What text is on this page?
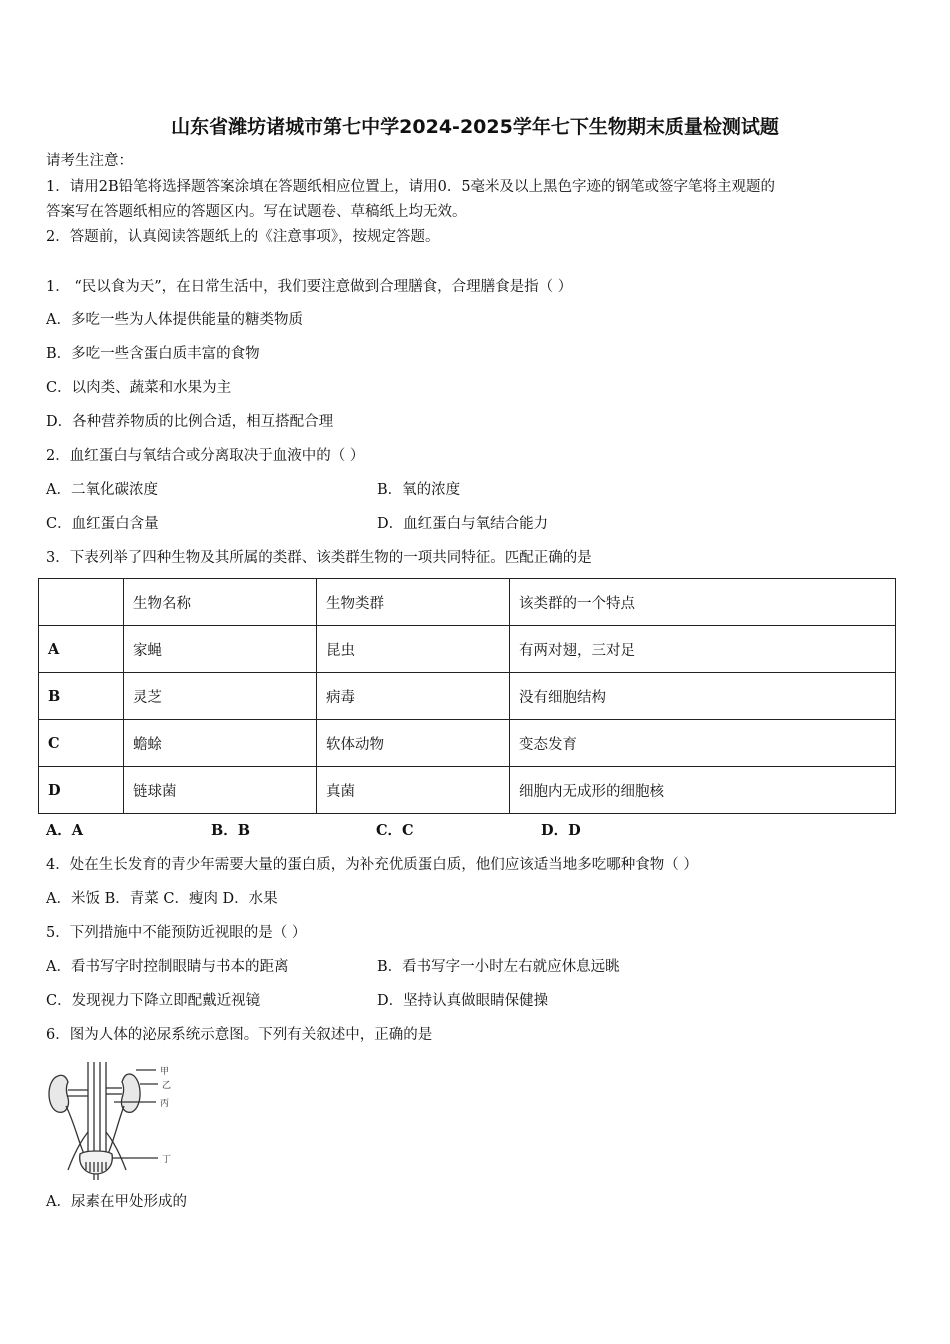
山东省潍坊诸城市第七中学2024-2025学年七下生物期末质量检测试题
请考生注意：
1．请用2B铅笔将选择题答案涂填在答题纸相应位置上，请用0．5毫米及以上黑色字迹的钢笔或签字笔将主观题的
答案写在答题纸相应的答题区内。写在试题卷、草稿纸上均无效。
2．答题前，认真阅读答题纸上的《注意事项》，按规定答题。
1． “民以食为天”，在日常生活中，我们要注意做到合理膳食，合理膳食是指（ ）
A．多吃一些为人体提供能量的糖类物质
B．多吃一些含蛋白质丰富的食物
C．以肉类、蔬菜和水果为主
D．各种营养物质的比例合适，相互搭配合理
2．血红蛋白与氧结合或分离取决于血液中的（ ）
A．二氧化碳浓度	B．氧的浓度
C．血红蛋白含量	D．血红蛋白与氧结合能力
3．下表列举了四种生物及其所属的类群、该类群生物的一项共同特征。匹配正确的是
	生物名称	生物类群	该类群的一个特点
A	家蝇	昆虫	有两对翅，三对足
B	灵芝	病毒	没有细胞结构
C	蟾蜍	软体动物	变态发育
D	链球菌	真菌	细胞内无成形的细胞核
A．A	B．B	C．C	D．D
4．处在生长发育的青少年需要大量的蛋白质，为补充优质蛋白质，他们应该适当地多吃哪种食物（ ）
A．米饭 B．青菜 C．瘦肉 D．水果
5．下列措施中不能预防近视眼的是（ ）
A．看书写字时控制眼睛与书本的距离	B．看书写字一小时左右就应休息远眺
C．发现视力下降立即配戴近视镜	D．坚持认真做眼睛保健操
6．图为人体的泌尿系统示意图。下列有关叙述中，正确的是
甲
乙
丙
丁
A．尿素在甲处形成的
